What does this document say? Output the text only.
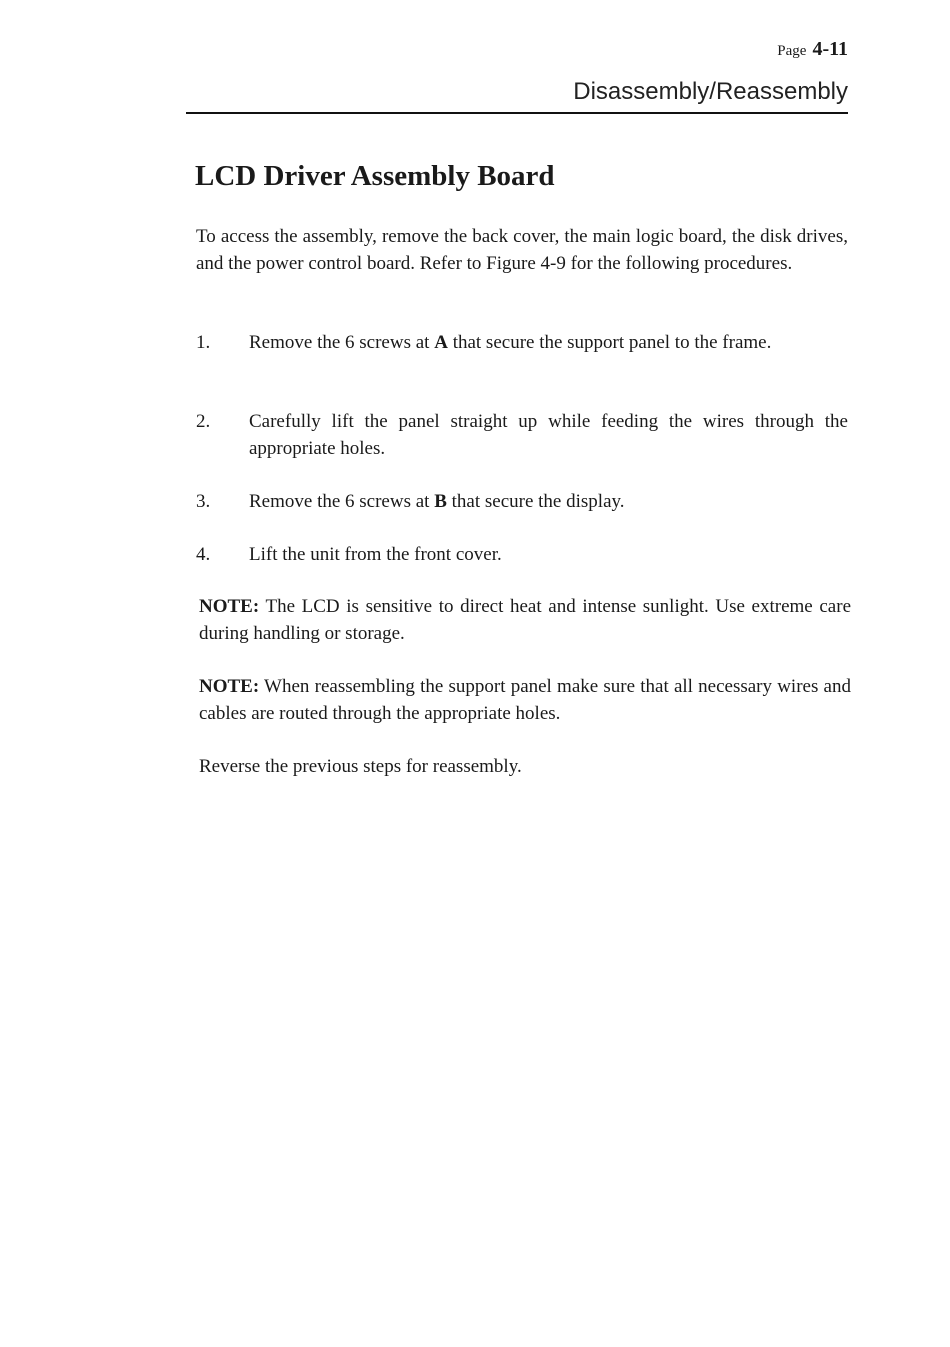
Page 4-11
Disassembly/Reassembly
LCD Driver Assembly Board

To access the assembly, remove the back cover, the main logic board, the disk drives, and the power control board. Refer to Figure 4-9 for the following procedures.

1.	Remove the 6 screws at A that secure the support panel to the frame.
2.	Carefully lift the panel straight up while feeding the wires through the appropriate holes.
3.	Remove the 6 screws at B that secure the display.
4.	Lift the unit from the front cover.

NOTE: The LCD is sensitive to direct heat and intense sunlight. Use extreme care during handling or storage.

NOTE: When reassembling the support panel make sure that all necessary wires and cables are routed through the appropriate holes.

Reverse the previous steps for reassembly.
